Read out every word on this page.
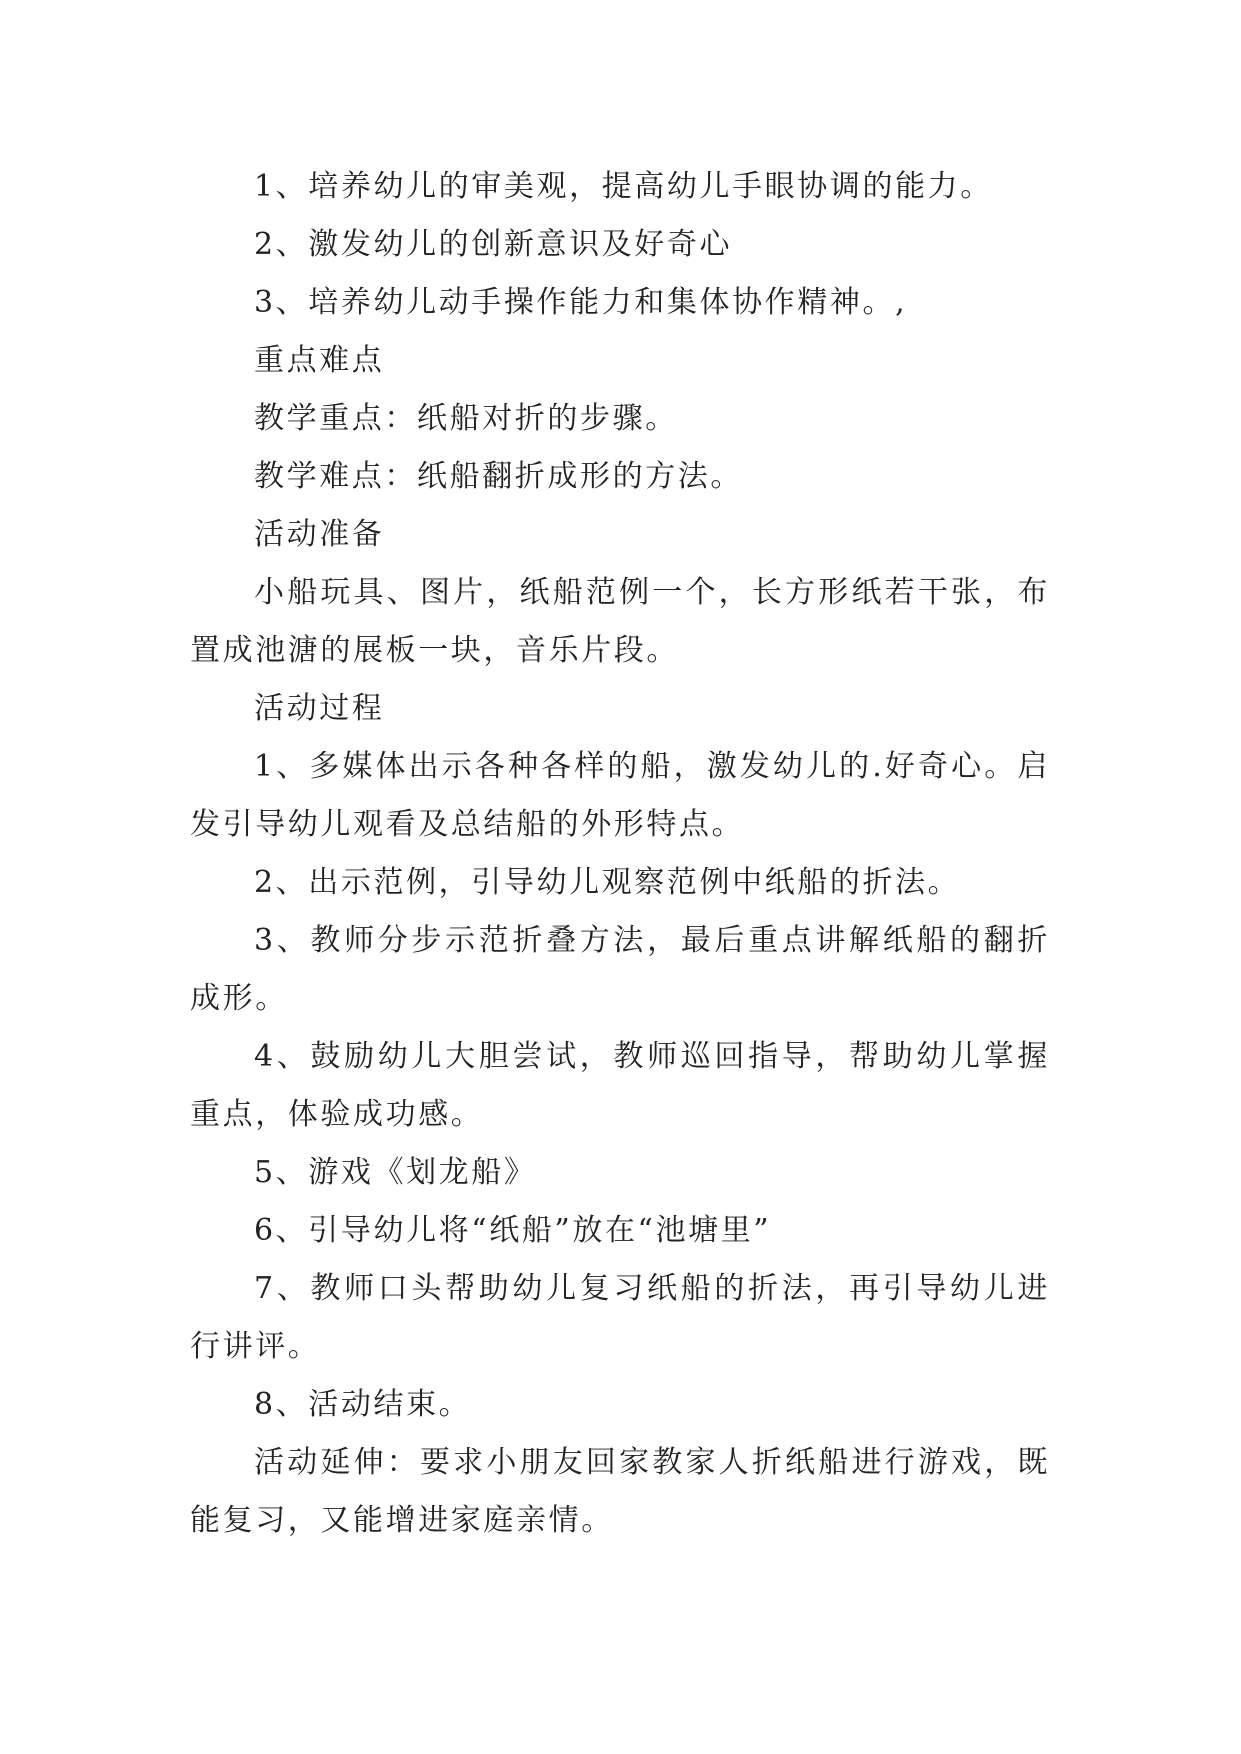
1、培养幼儿的审美观，提高幼儿手眼协调的能力。

2、激发幼儿的创新意识及好奇心

3、培养幼儿动手操作能力和集体协作精神。,

重点难点

教学重点：纸船对折的步骤。

教学难点：纸船翻折成形的方法。

活动准备

小船玩具、图片，纸船范例一个，长方形纸若干张，布置成池溏的展板一块，音乐片段。

活动过程

1、多媒体出示各种各样的船，激发幼儿的.好奇心。启发引导幼儿观看及总结船的外形特点。

2、出示范例，引导幼儿观察范例中纸船的折法。

3、教师分步示范折叠方法，最后重点讲解纸船的翻折成形。

4、鼓励幼儿大胆尝试，教师巡回指导，帮助幼儿掌握重点，体验成功感。

5、游戏《划龙船》

6、引导幼儿将“纸船”放在“池塘里”

7、教师口头帮助幼儿复习纸船的折法，再引导幼儿进行讲评。

8、活动结束。

活动延伸：要求小朋友回家教家人折纸船进行游戏，既能复习，又能增进家庭亲情。
